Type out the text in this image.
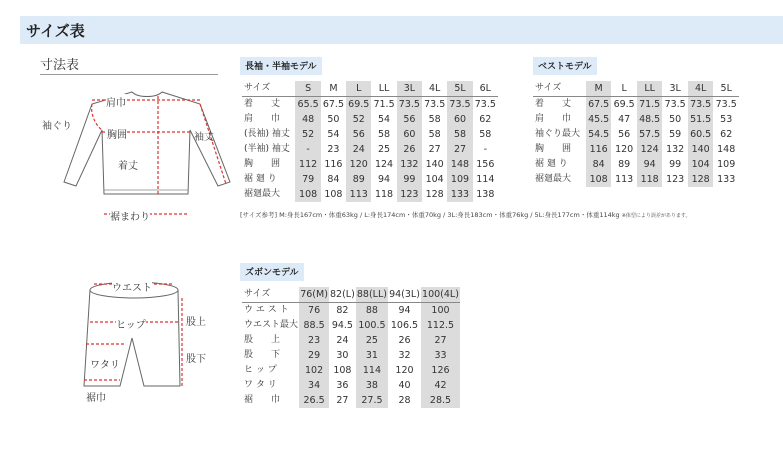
サイズ表
寸法表
肩巾
袖ぐり
胸囲	袖丈
着丈
裾まわり
長袖・半袖モデル
サイズ	S	M	L	LL	3L	4L	5L	6L
着　　丈	65.5	67.5	69.5	71.5	73.5	73.5	73.5	73.5
肩　　巾	48	50	52	54	56	58	60	62
(長袖) 袖丈	52	54	56	58	60	58	58	58
(半袖) 袖丈	-	23	24	25	26	27	27	-
胸　　囲	112	116	120	124	132	140	148	156
裾 廻 り	79	84	89	94	99	104	109	114
裾廻最大	108	108	113	118	123	128	133	138
ベストモデル
サイズ	M	L	LL	3L	4L	5L
着　　丈	67.5	69.5	71.5	73.5	73.5	73.5
肩　　巾	45.5	47	48.5	50	51.5	53
袖ぐり最大	54.5	56	57.5	59	60.5	62
胸　　囲	116	120	124	132	140	148
裾 廻 り	84	89	94	99	104	109
裾廻最大	108	113	118	123	128	133
[サイズ参考] M:身長167cm・体重63kg / L:身長174cm・体重70kg / 3L:身長183cm・体重76kg / 5L:身長177cm・体重114kg ※体型により誤差があります。
ウエスト
ヒップ	股上
股下
ワタリ
裾巾
ズボンモデル
サイズ	76(M)	82(L)	88(LL)	94(3L)	100(4L)
ウ エ ス ト	76	82	88	94	100
ウエスト最大	88.5	94.5	100.5	106.5	112.5
股　　上	23	24	25	26	27
股　　下	29	30	31	32	33
ヒ ッ プ	102	108	114	120	126
ワ タ リ	34	36	38	40	42
裾　　巾	26.5	27	27.5	28	28.5
